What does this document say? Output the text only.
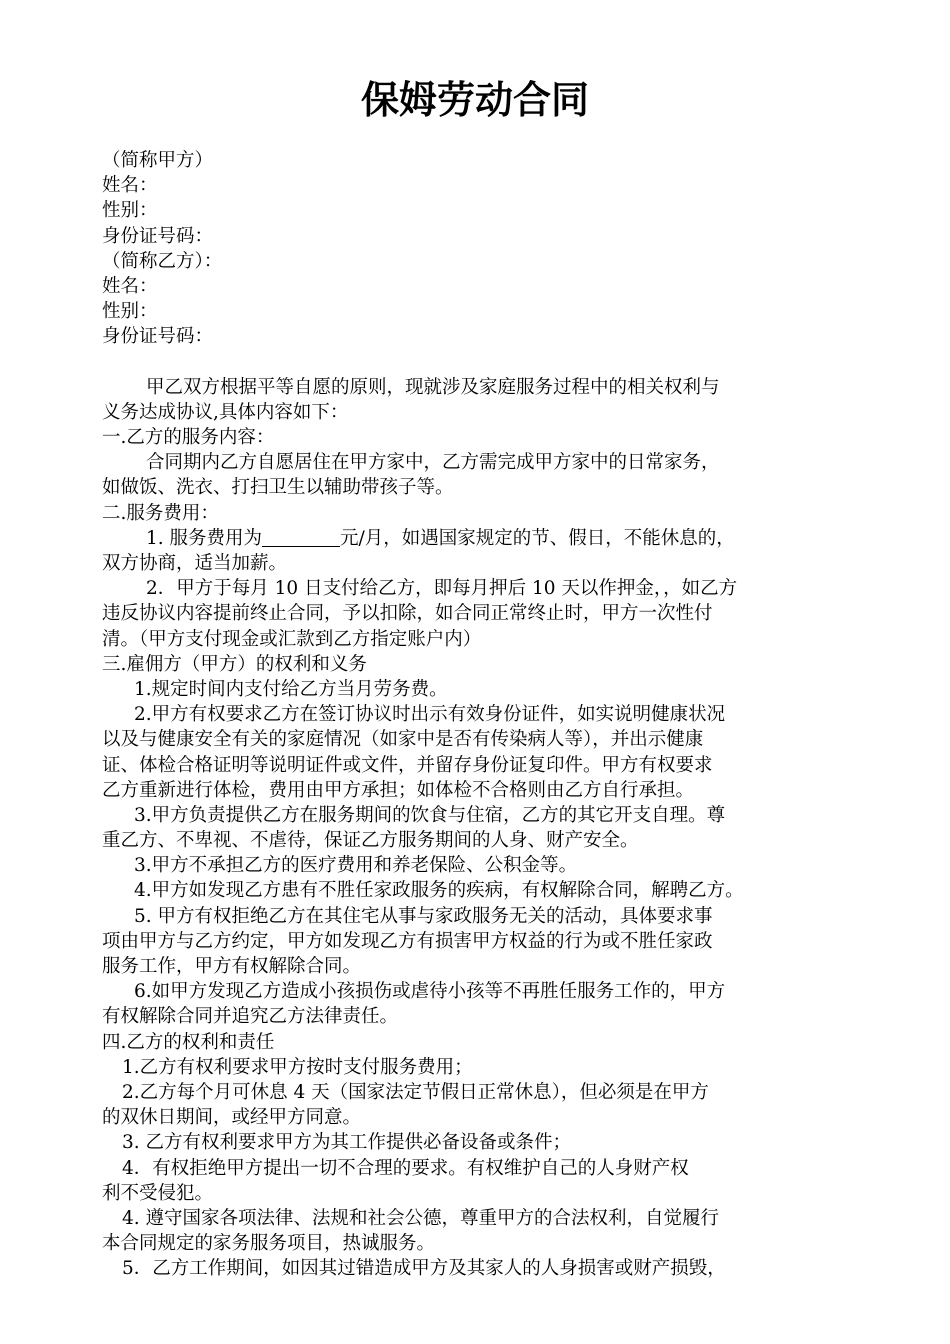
保姆劳动合同
（简称甲方）
姓名：
性别：
身份证号码：
（简称乙方）：
姓名：
性别：
身份证号码：
甲乙双方根据平等自愿的原则，现就涉及家庭服务过程中的相关权利与
义务达成协议,具体内容如下：
一.乙方的服务内容：
合同期内乙方自愿居住在甲方家中，乙方需完成甲方家中的日常家务，
如做饭、洗衣、打扫卫生以辅助带孩子等。
二.服务费用：
1. 服务费用为	元/月，如遇国家规定的节、假日，不能休息的，
双方协商，适当加薪。
2．甲方于每月 10 日支付给乙方，即每月押后 10 天以作押金，，如乙方
违反协议内容提前终止合同，予以扣除，如合同正常终止时，甲方一次性付
清。（甲方支付现金或汇款到乙方指定账户内）
三.雇佣方（甲方）的权利和义务
1.规定时间内支付给乙方当月劳务费。
2.甲方有权要求乙方在签订协议时出示有效身份证件，如实说明健康状况
以及与健康安全有关的家庭情况（如家中是否有传染病人等），并出示健康
证、体检合格证明等说明证件或文件，并留存身份证复印件。甲方有权要求
乙方重新进行体检，费用由甲方承担；如体检不合格则由乙方自行承担。
3.甲方负责提供乙方在服务期间的饮食与住宿，乙方的其它开支自理。尊
重乙方、不卑视、不虐待，保证乙方服务期间的人身、财产安全。
3.甲方不承担乙方的医疗费用和养老保险、公积金等。
4.甲方如发现乙方患有不胜任家政服务的疾病，有权解除合同，解聘乙方。
5. 甲方有权拒绝乙方在其住宅从事与家政服务无关的活动，具体要求事
项由甲方与乙方约定，甲方如发现乙方有损害甲方权益的行为或不胜任家政
服务工作，甲方有权解除合同。
6.如甲方发现乙方造成小孩损伤或虐待小孩等不再胜任服务工作的，甲方
有权解除合同并追究乙方法律责任。
四.乙方的权利和责任
1.乙方有权利要求甲方按时支付服务费用；
2.乙方每个月可休息 4 天（国家法定节假日正常休息），但必须是在甲方
的双休日期间，或经甲方同意。
3. 乙方有权利要求甲方为其工作提供必备设备或条件；
4．有权拒绝甲方提出一切不合理的要求。有权维护自己的人身财产权
利不受侵犯。
4. 遵守国家各项法律、法规和社会公德，尊重甲方的合法权利，自觉履行
本合同规定的家务服务项目，热诚服务。
5．乙方工作期间，如因其过错造成甲方及其家人的人身损害或财产损毁，
